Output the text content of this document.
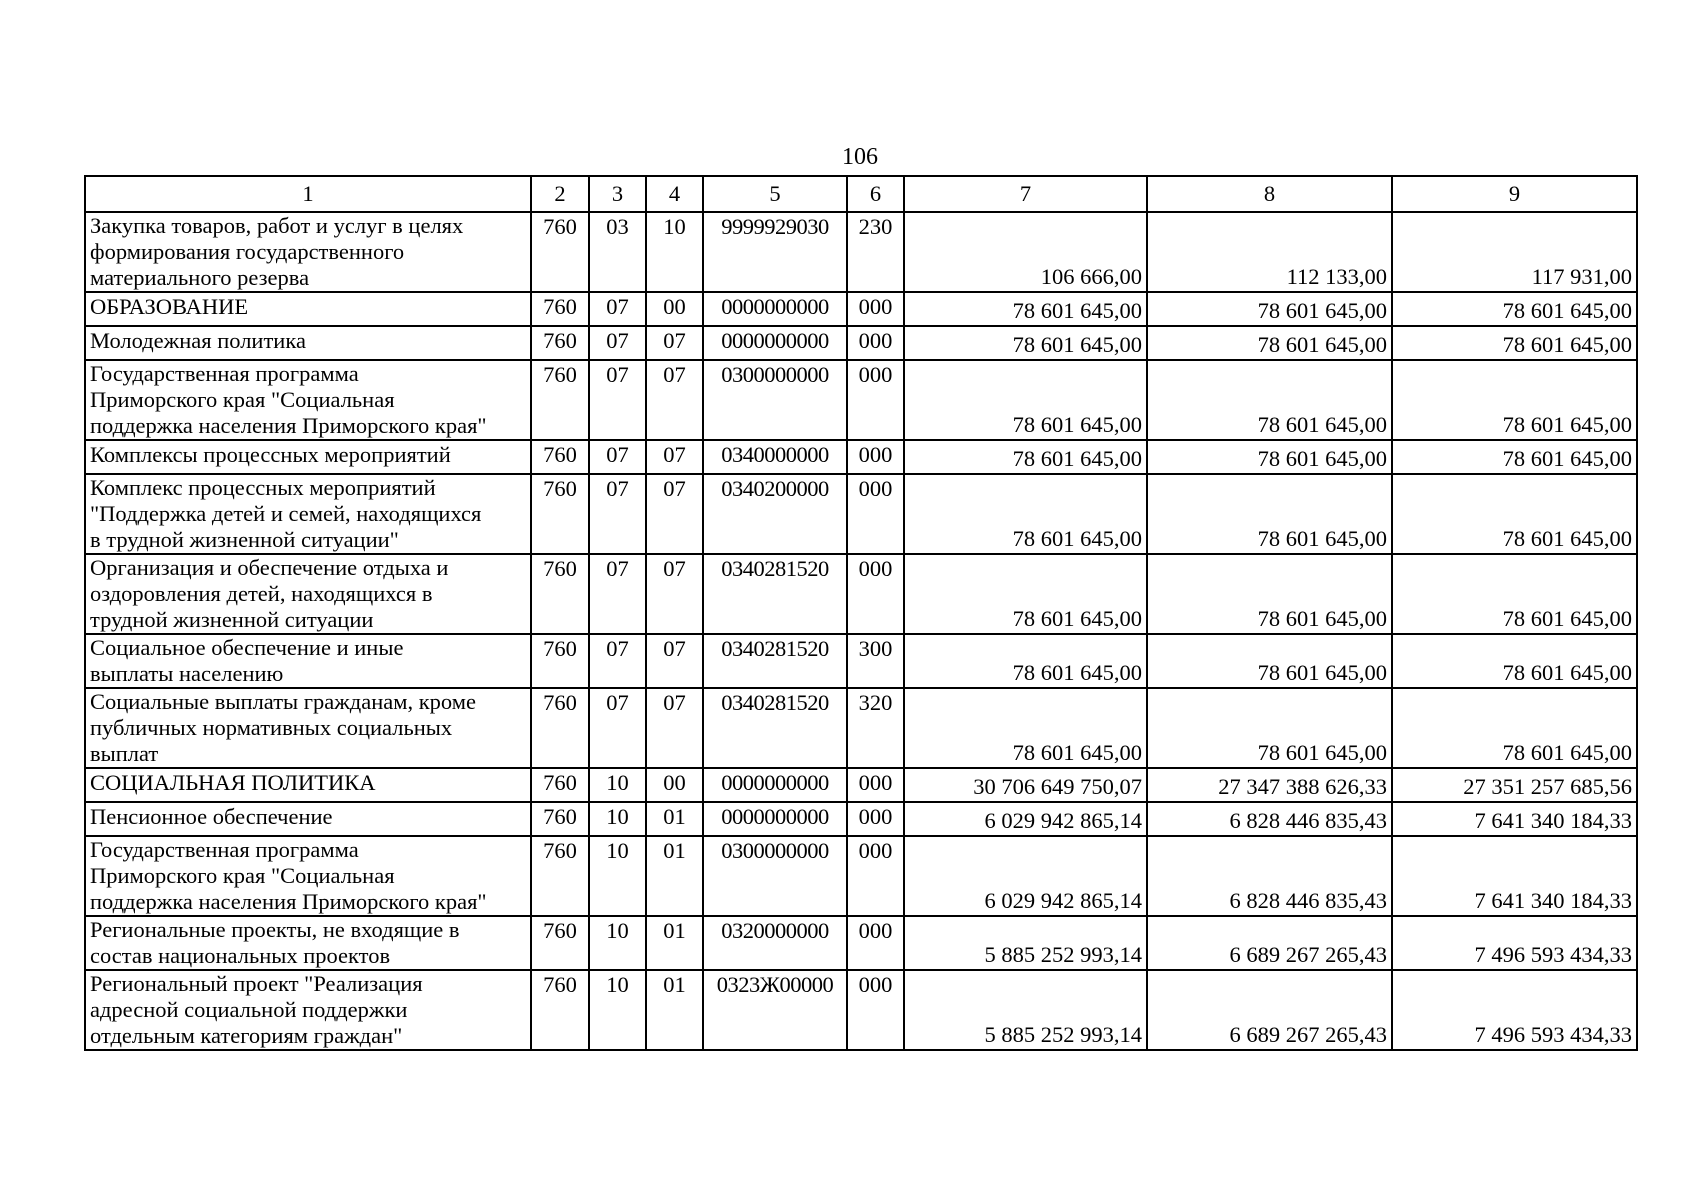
106
1	2	3	4	5	6	7	8	9

Закупка товаров, работ и услуг в целях
формирования государственного
материального резерва	760	03	10	9999929030	230	106 666,00	112 133,00	117 931,00

ОБРАЗОВАНИЕ	760	07	00	0000000000	000	78 601 645,00	78 601 645,00	78 601 645,00

Молодежная политика	760	07	07	0000000000	000	78 601 645,00	78 601 645,00	78 601 645,00

Государственная программа
Приморского края "Социальная
поддержка населения Приморского края"	760	07	07	0300000000	000	78 601 645,00	78 601 645,00	78 601 645,00

Комплексы процессных мероприятий	760	07	07	0340000000	000	78 601 645,00	78 601 645,00	78 601 645,00

Комплекс процессных мероприятий
"Поддержка детей и семей, находящихся
в трудной жизненной ситуации"	760	07	07	0340200000	000	78 601 645,00	78 601 645,00	78 601 645,00

Организация и обеспечение отдыха и
оздоровления детей, находящихся в
трудной жизненной ситуации	760	07	07	0340281520	000	78 601 645,00	78 601 645,00	78 601 645,00

Социальное обеспечение и иные
выплаты населению	760	07	07	0340281520	300	78 601 645,00	78 601 645,00	78 601 645,00

Социальные выплаты гражданам, кроме
публичных нормативных социальных
выплат	760	07	07	0340281520	320	78 601 645,00	78 601 645,00	78 601 645,00

СОЦИАЛЬНАЯ ПОЛИТИКА	760	10	00	0000000000	000	30 706 649 750,07	27 347 388 626,33	27 351 257 685,56

Пенсионное обеспечение	760	10	01	0000000000	000	6 029 942 865,14	6 828 446 835,43	7 641 340 184,33

Государственная программа
Приморского края "Социальная
поддержка населения Приморского края"	760	10	01	0300000000	000	6 029 942 865,14	6 828 446 835,43	7 641 340 184,33

Региональные проекты, не входящие в
состав национальных проектов	760	10	01	0320000000	000	5 885 252 993,14	6 689 267 265,43	7 496 593 434,33

Региональный проект "Реализация
адресной социальной поддержки
отдельным категориям граждан"	760	10	01	0323Ж00000	000	5 885 252 993,14	6 689 267 265,43	7 496 593 434,33
